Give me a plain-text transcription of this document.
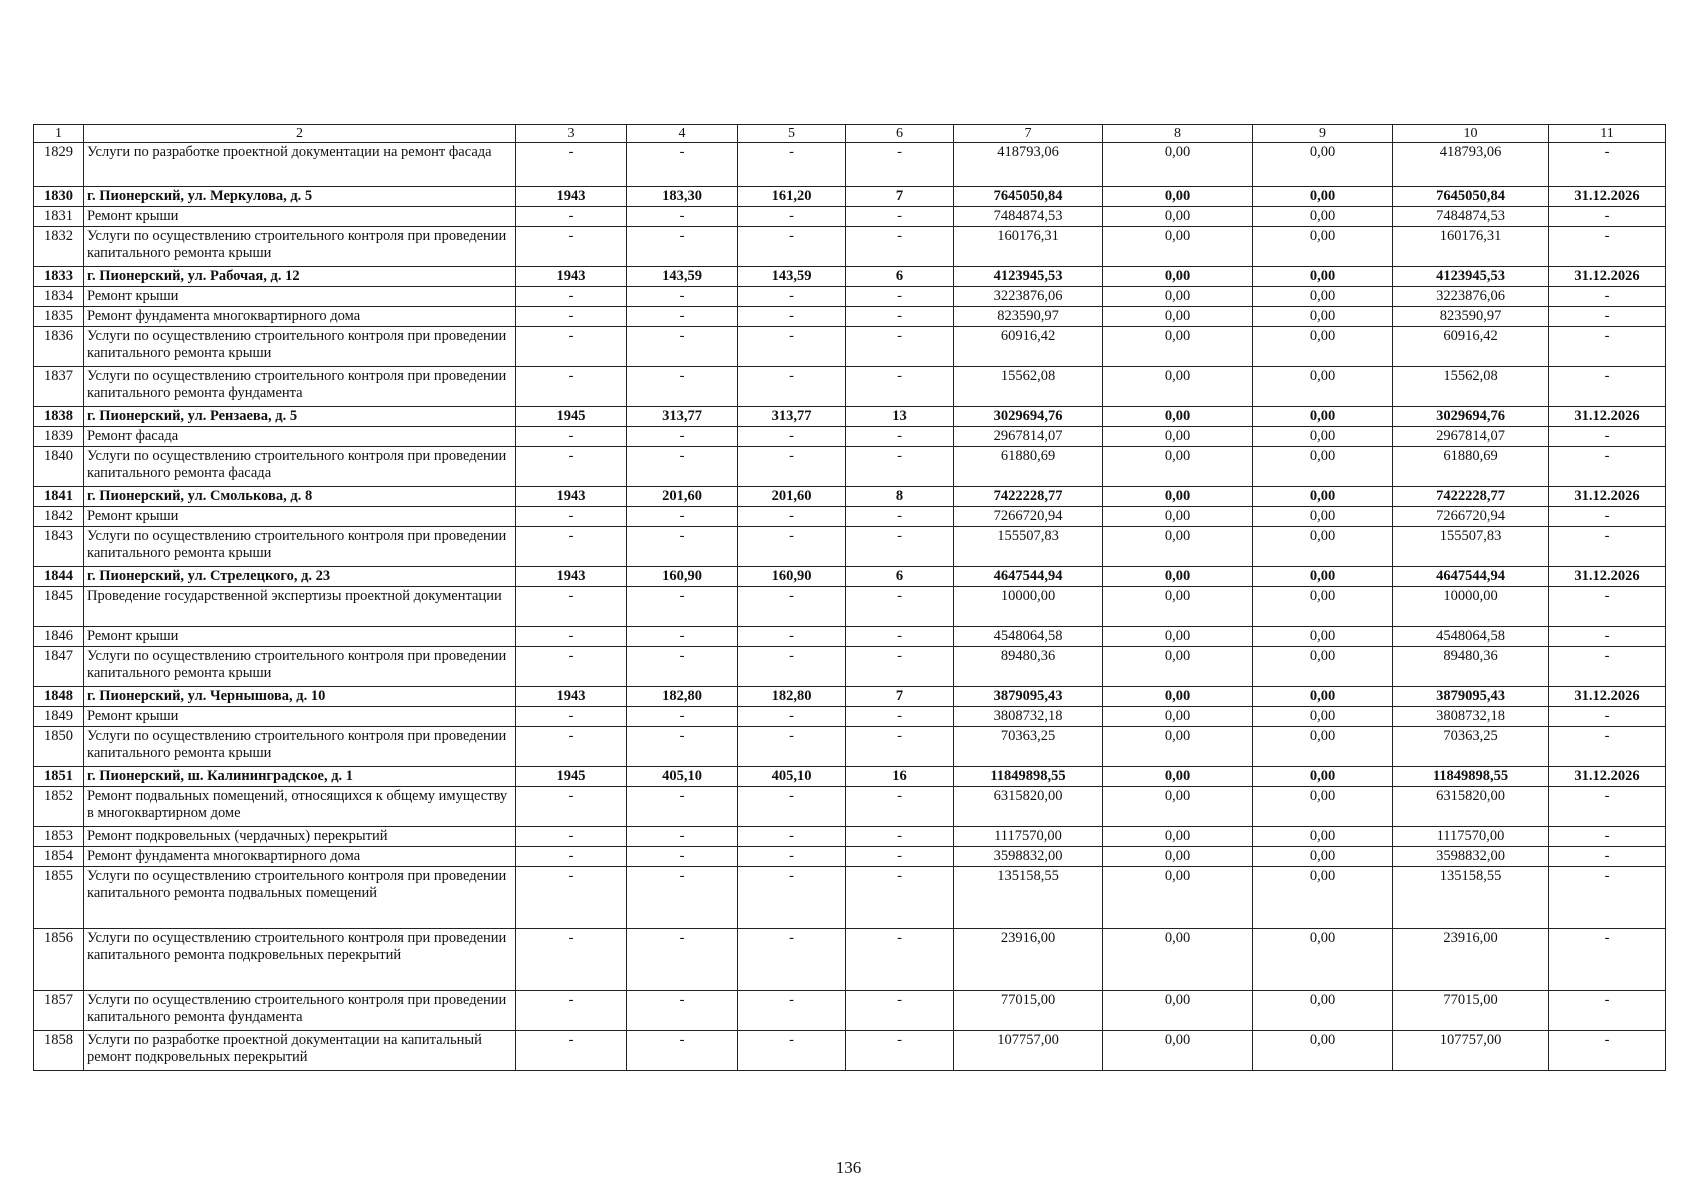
1	2	3	4	5	6	7	8	9	10	11
1829	Услуги по разработке проектной документации на ремонт фасада	-	-	-	-	418793,06	0,00	0,00	418793,06	-
1830	г. Пионерский, ул. Меркулова, д. 5	1943	183,30	161,20	7	7645050,84	0,00	0,00	7645050,84	31.12.2026
1831	Ремонт крыши	-	-	-	-	7484874,53	0,00	0,00	7484874,53	-
1832	Услуги по осуществлению строительного контроля при проведении капитального ремонта крыши	-	-	-	-	160176,31	0,00	0,00	160176,31	-
1833	г. Пионерский, ул. Рабочая, д. 12	1943	143,59	143,59	6	4123945,53	0,00	0,00	4123945,53	31.12.2026
1834	Ремонт крыши	-	-	-	-	3223876,06	0,00	0,00	3223876,06	-
1835	Ремонт фундамента многоквартирного дома	-	-	-	-	823590,97	0,00	0,00	823590,97	-
1836	Услуги по осуществлению строительного контроля при проведении капитального ремонта крыши	-	-	-	-	60916,42	0,00	0,00	60916,42	-
1837	Услуги по осуществлению строительного контроля при проведении капитального ремонта фундамента	-	-	-	-	15562,08	0,00	0,00	15562,08	-
1838	г. Пионерский, ул. Рензаева, д. 5	1945	313,77	313,77	13	3029694,76	0,00	0,00	3029694,76	31.12.2026
1839	Ремонт фасада	-	-	-	-	2967814,07	0,00	0,00	2967814,07	-
1840	Услуги по осуществлению строительного контроля при проведении капитального ремонта фасада	-	-	-	-	61880,69	0,00	0,00	61880,69	-
1841	г. Пионерский, ул. Смолькова, д. 8	1943	201,60	201,60	8	7422228,77	0,00	0,00	7422228,77	31.12.2026
1842	Ремонт крыши	-	-	-	-	7266720,94	0,00	0,00	7266720,94	-
1843	Услуги по осуществлению строительного контроля при проведении капитального ремонта крыши	-	-	-	-	155507,83	0,00	0,00	155507,83	-
1844	г. Пионерский, ул. Стрелецкого, д. 23	1943	160,90	160,90	6	4647544,94	0,00	0,00	4647544,94	31.12.2026
1845	Проведение государственной экспертизы проектной документации	-	-	-	-	10000,00	0,00	0,00	10000,00	-
1846	Ремонт крыши	-	-	-	-	4548064,58	0,00	0,00	4548064,58	-
1847	Услуги по осуществлению строительного контроля при проведении капитального ремонта крыши	-	-	-	-	89480,36	0,00	0,00	89480,36	-
1848	г. Пионерский, ул. Чернышова, д. 10	1943	182,80	182,80	7	3879095,43	0,00	0,00	3879095,43	31.12.2026
1849	Ремонт крыши	-	-	-	-	3808732,18	0,00	0,00	3808732,18	-
1850	Услуги по осуществлению строительного контроля при проведении капитального ремонта крыши	-	-	-	-	70363,25	0,00	0,00	70363,25	-
1851	г. Пионерский, ш. Калининградское, д. 1	1945	405,10	405,10	16	11849898,55	0,00	0,00	11849898,55	31.12.2026
1852	Ремонт подвальных помещений, относящихся к общему имуществу в многоквартирном доме	-	-	-	-	6315820,00	0,00	0,00	6315820,00	-
1853	Ремонт подкровельных (чердачных) перекрытий	-	-	-	-	1117570,00	0,00	0,00	1117570,00	-
1854	Ремонт фундамента многоквартирного дома	-	-	-	-	3598832,00	0,00	0,00	3598832,00	-
1855	Услуги по осуществлению строительного контроля при проведении капитального ремонта подвальных помещений	-	-	-	-	135158,55	0,00	0,00	135158,55	-
1856	Услуги по осуществлению строительного контроля при проведении капитального ремонта подкровельных перекрытий	-	-	-	-	23916,00	0,00	0,00	23916,00	-
1857	Услуги по осуществлению строительного контроля при проведении капитального ремонта фундамента	-	-	-	-	77015,00	0,00	0,00	77015,00	-
1858	Услуги по разработке проектной документации на капитальный ремонт подкровельных перекрытий	-	-	-	-	107757,00	0,00	0,00	107757,00	-
136
